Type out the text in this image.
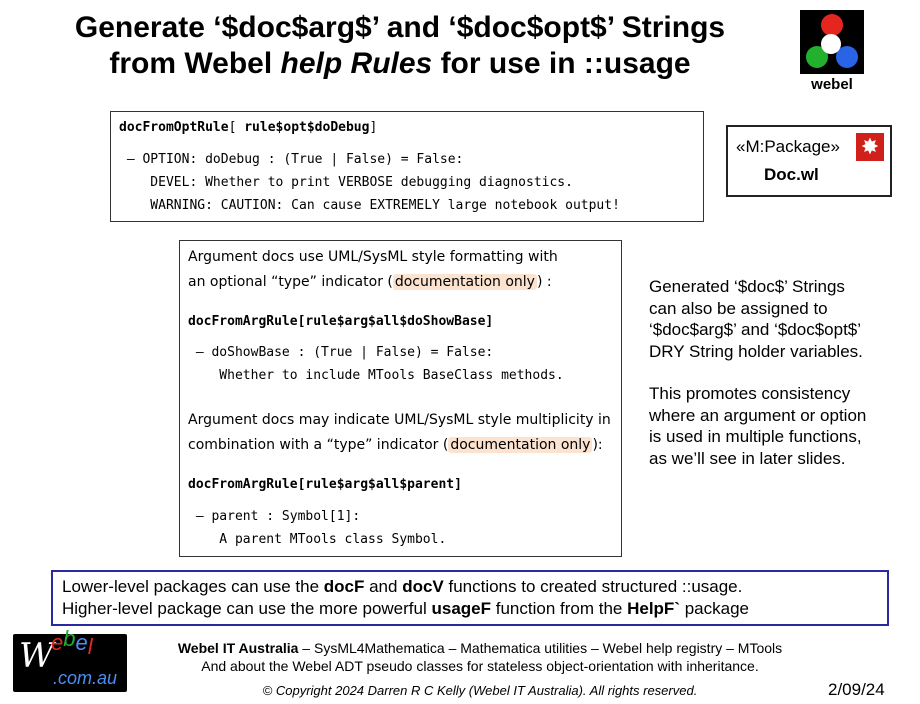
Generate ‘$doc$arg$’ and ‘$doc$opt$’ Strings
from Webel help Rules for use in ::usage
webel
docFromOptRule[ rule$opt$doDebug]
– OPTION: doDebug : (True | False) = False:
DEVEL: Whether to print VERBOSE debugging diagnostics.
WARNING: CAUTION: Can cause EXTREMELY large notebook output!
«M:Package» ✸
Doc.wl
Argument docs use UML/SysML style formatting with
an optional “type” indicator ( documentation only ) :
docFromArgRule[rule$arg$all$doShowBase]
– doShowBase : (True | False) = False:
Whether to include MTools BaseClass methods.
Argument docs may indicate UML/SysML style multiplicity in
combination with a “type” indicator ( documentation only ):
docFromArgRule[rule$arg$all$parent]
– parent : Symbol[1]:
A parent MTools class Symbol.
Generated ‘$doc$’ Strings
can also be assigned to
‘$doc$arg$’ and ‘$doc$opt$’
DRY String holder variables.
This promotes consistency
where an argument or option
is used in multiple functions,
as we’ll see in later slides.
Lower-level packages can use the docF and docV functions to created structured ::usage.
Higher-level package can use the more powerful usageF function from the HelpF` package
W
ebel
.com.au
Webel IT Australia – SysML4Mathematica – Mathematica utilities – Webel help registry – MTools
And about the Webel ADT pseudo classes for stateless object-orientation with inheritance.
© Copyright 2024 Darren R C Kelly (Webel IT Australia). All rights reserved.	2/09/24
